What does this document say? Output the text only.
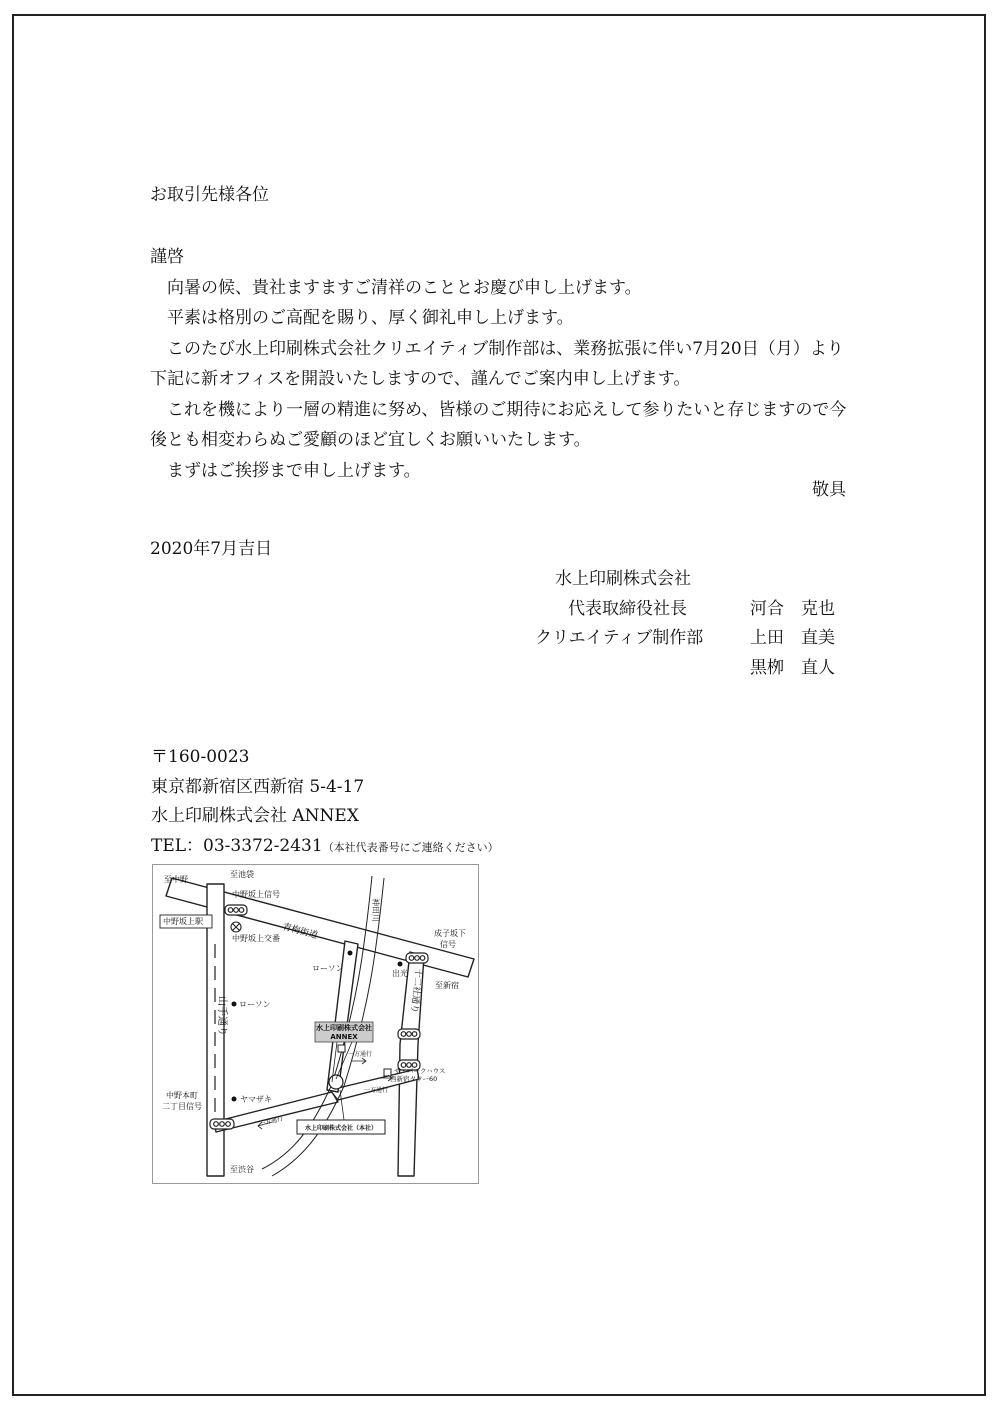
お取引先様各位

謹啓

向暑の候、貴社ますますご清祥のこととお慶び申し上げます。

平素は格別のご高配を賜り、厚く御礼申し上げます。

このたび水上印刷株式会社クリエイティブ制作部は、業務拡張に伴い7月20日（月）より下記に新オフィスを開設いたしますので、謹んでご案内申し上げます。

これを機により一層の精進に努め、皆様のご期待にお応えして参りたいと存じますので今後とも相変わらぬご愛顧のほど宜しくお願いいたします。

まずはご挨拶まで申し上げます。

敬具
2020年7月吉日
水上印刷株式会社
代表取締役社長	河合　克也
クリエイティブ制作部	上田　直美
黒栁　直人
〒160-0023
東京都新宿区西新宿 5-4-17
水上印刷株式会社 ANNEX
TEL：03-3372-2431（本社代表番号にご連絡ください）
至中野
至池袋
中野坂上信号
中野坂上駅
中野坂上交番 青梅街道
神田川
成子坂下
信号
ローソン
出光
至新宿
十二社通り
山手通り ローソン
水上印刷株式会社
ANNEX
一方通行
ザ・パークハウス
西新宿タワー60
一方通行
中野本町
二丁目信号
ヤマザキ
一方通行
水上印刷株式会社（本社）
至渋谷
